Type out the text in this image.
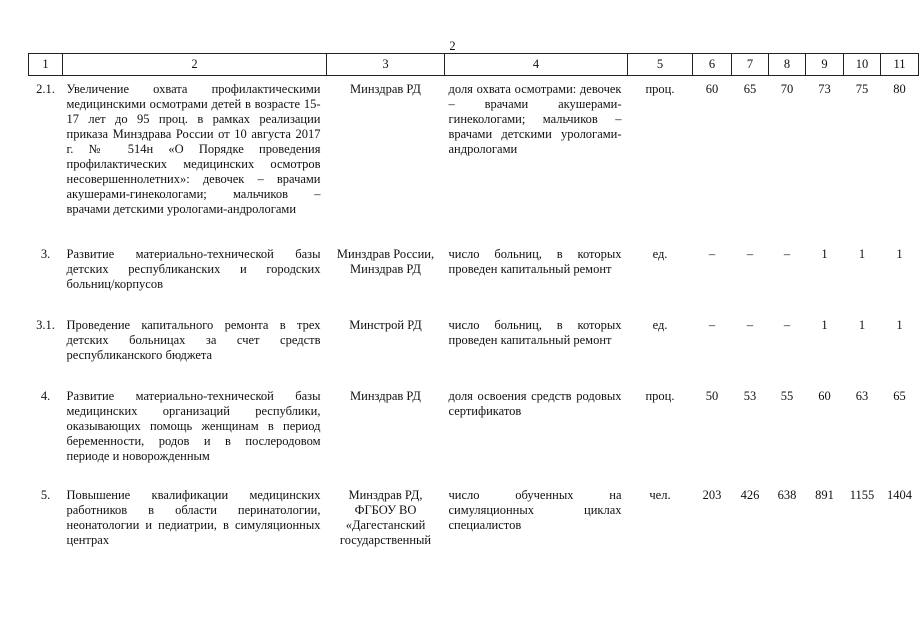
2
1	2	3	4	5	6	7	8	9	10	11
2.1.	Увеличение охвата профилактическими медицинскими осмотрами детей в возрасте 15-17 лет до 95 проц. в рамках реализации приказа Минздрава России от 10 августа 2017 г. № 514н «О Порядке проведения профилактических медицинских осмотров несовершеннолетних»: девочек – врачами акушерами-гинекологами; мальчиков – врачами детскими урологами-андрологами	Минздрав РД	доля охвата осмотрами: девочек – врачами акушерами-гинекологами; мальчиков – врачами детскими урологами-андрологами	проц.	60	65	70	73	75	80

3.	Развитие материально-технической базы детских республиканских и городских больниц/корпусов	Минздрав России, Минздрав РД	число больниц, в которых проведен капитальный ремонт	ед.	–	–	–	1	1	1

3.1.	Проведение капитального ремонта в трех детских больницах за счет средств республиканского бюджета	Минстрой РД	число больниц, в которых проведен капитальный ремонт	ед.	–	–	–	1	1	1

4.	Развитие материально-технической базы медицинских организаций республики, оказывающих помощь женщинам в период беременности, родов и в послеродовом периоде и новорожденным	Минздрав РД	доля освоения средств родовых сертификатов	проц.	50	53	55	60	63	65

5.	Повышение квалификации медицинских работников в области перинатологии, неонатологии и педиатрии, в симуляционных центрах	Минздрав РД, ФГБОУ ВО «Дагестанский государственный	число обученных на симуляционных циклах специалистов	чел.	203	426	638	891	1155	1404
